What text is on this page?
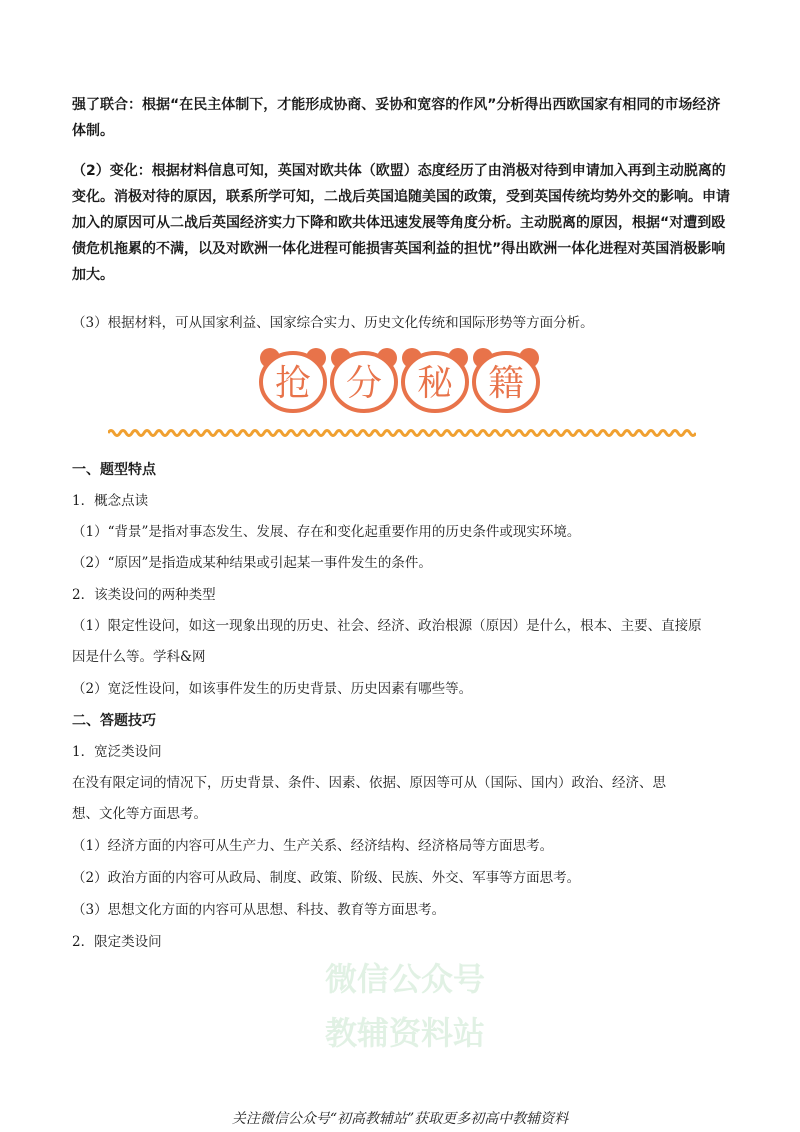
强了联合：根据“在民主体制下，才能形成协商、妥协和宽容的作风”分析得出西欧国家有相同的市场经济体制。
（2）变化：根据材料信息可知，英国对欧共体（欧盟）态度经历了由消极对待到申请加入再到主动脱离的变化。消极对待的原因，联系所学可知，二战后英国追随美国的政策，受到英国传统均势外交的影响。申请加入的原因可从二战后英国经济实力下降和欧共体迅速发展等角度分析。主动脱离的原因，根据“对遭到殴债危机拖累的不满，以及对欧洲一体化进程可能损害英国利益的担忧”得出欧洲一体化进程对英国消极影响加大。
（3）根据材料，可从国家利益、国家综合实力、历史文化传统和国际形势等方面分析。
抢 分 秘 籍
一、题型特点
1．概念点读
（1）“背景”是指对事态发生、发展、存在和变化起重要作用的历史条件或现实环境。
（2）“原因”是指造成某种结果或引起某一事件发生的条件。
2．该类设问的两种类型
（1）限定性设问，如这一现象出现的历史、社会、经济、政治根源（原因）是什么，根本、主要、直接原
因是什么等。学科&网
（2）宽泛性设问，如该事件发生的历史背景、历史因素有哪些等。
二、答题技巧
1．宽泛类设问
在没有限定词的情况下，历史背景、条件、因素、依据、原因等可从（国际、国内）政治、经济、思
想、文化等方面思考。
（1）经济方面的内容可从生产力、生产关系、经济结构、经济格局等方面思考。
（2）政治方面的内容可从政局、制度、政策、阶级、民族、外交、军事等方面思考。
（3）思想文化方面的内容可从思想、科技、教育等方面思考。
2．限定类设问
微信公众号
教辅资料站
关注微信公众号“初高教辅站”获取更多初高中教辅资料
